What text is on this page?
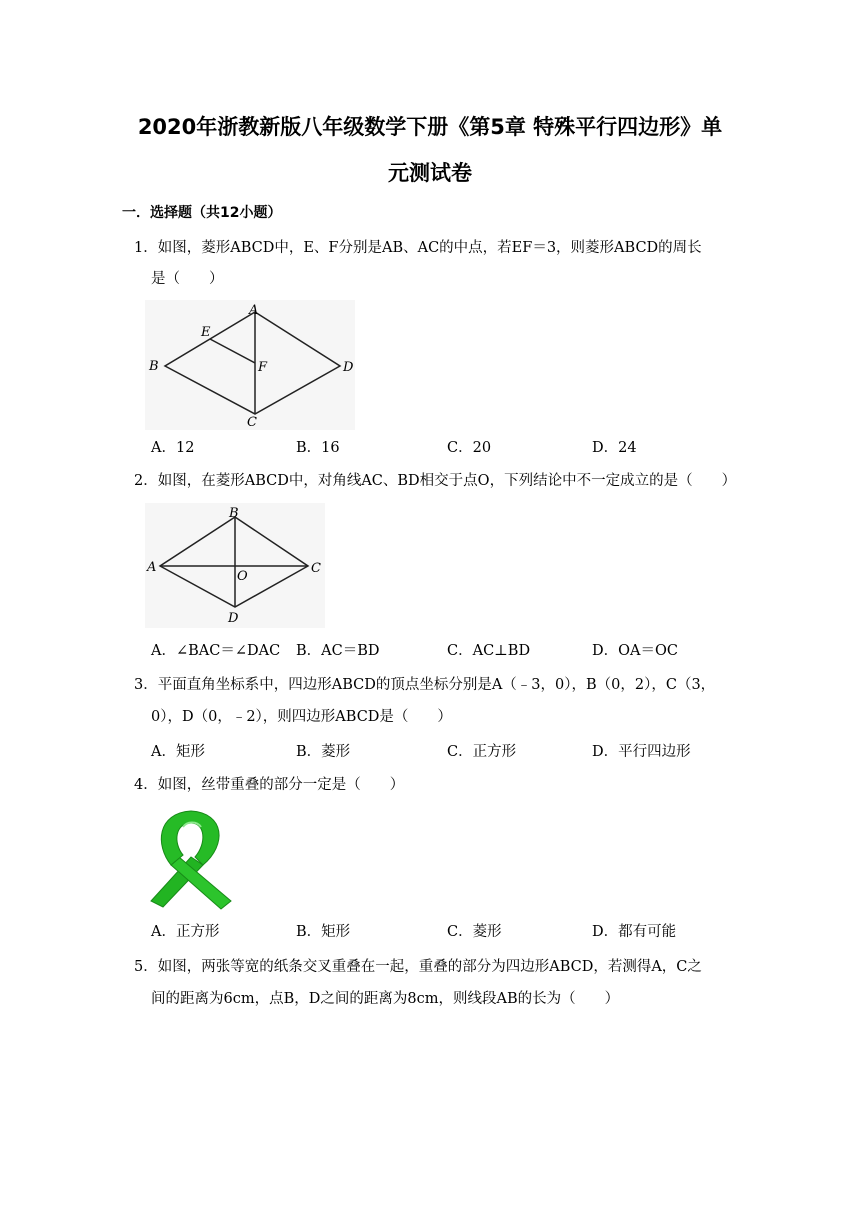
2020年浙教新版八年级数学下册《第5章 特殊平行四边形》单
元测试卷
一．选择题（共12小题）
1．如图，菱形ABCD中，E、F分别是AB、AC的中点，若EF＝3，则菱形ABCD的周长
是（　　）
A
B
C
D
E
F
A．12	B．16	C．20	D．24
2．如图，在菱形ABCD中，对角线AC、BD相交于点O，下列结论中不一定成立的是（　　）
B
A	C
D
O
A．∠BAC＝∠DAC B．AC＝BD	C．AC⊥BD	D．OA＝OC
3．平面直角坐标系中，四边形ABCD的顶点坐标分别是A（﹣3，0），B（0，2），C（3，
0），D（0，﹣2），则四边形ABCD是（　　）
A．矩形	B．菱形	C．正方形	D．平行四边形
4．如图，丝带重叠的部分一定是（　　）
A．正方形	B．矩形	C．菱形	D．都有可能
5．如图，两张等宽的纸条交叉重叠在一起，重叠的部分为四边形ABCD，若测得A，C之
间的距离为6cm，点B，D之间的距离为8cm，则线段AB的长为（　　）
